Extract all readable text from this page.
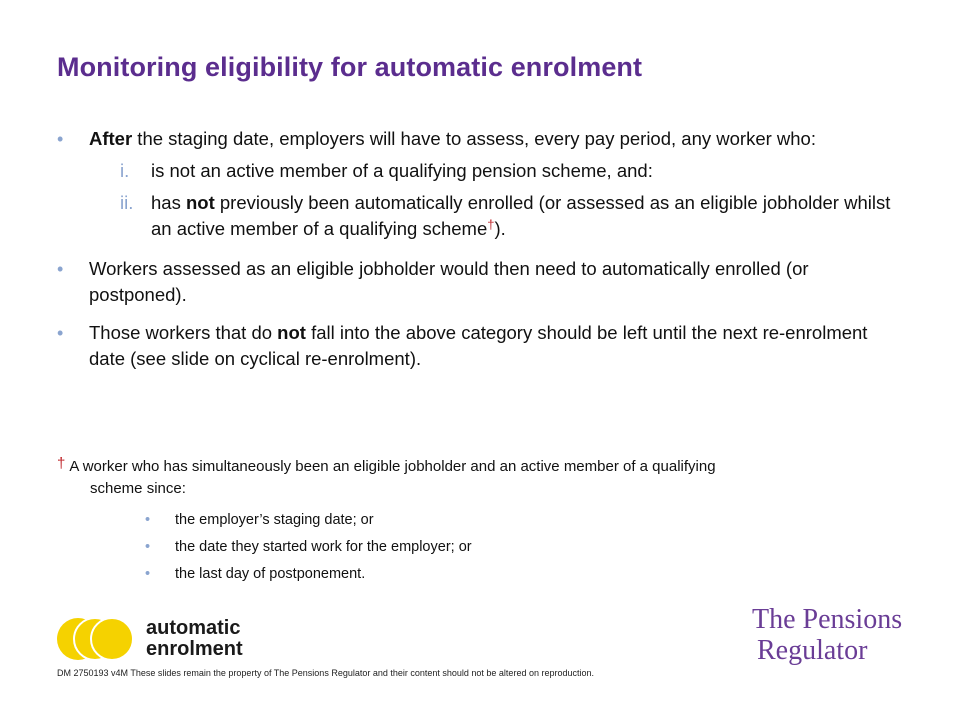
Monitoring eligibility for automatic enrolment
• After the staging date, employers will have to assess, every pay period, any worker who:
i. is not an active member of a qualifying pension scheme, and:
ii. has not previously been automatically enrolled (or assessed as an eligible jobholder whilst an active member of a qualifying scheme†).
• Workers assessed as an eligible jobholder would then need to automatically enrolled (or postponed).
• Those workers that do not fall into the above category should be left until the next re-enrolment date (see slide on cyclical re-enrolment).
† A worker who has simultaneously been an eligible jobholder and an active member of a qualifying
scheme since:
• the employer’s staging date; or
• the date they started work for the employer; or
• the last day of postponement.
automatic
enrolment
The Pensions
Regulator
DM 2750193 v4M These slides remain the property of The Pensions Regulator and their content should not be altered on reproduction.
